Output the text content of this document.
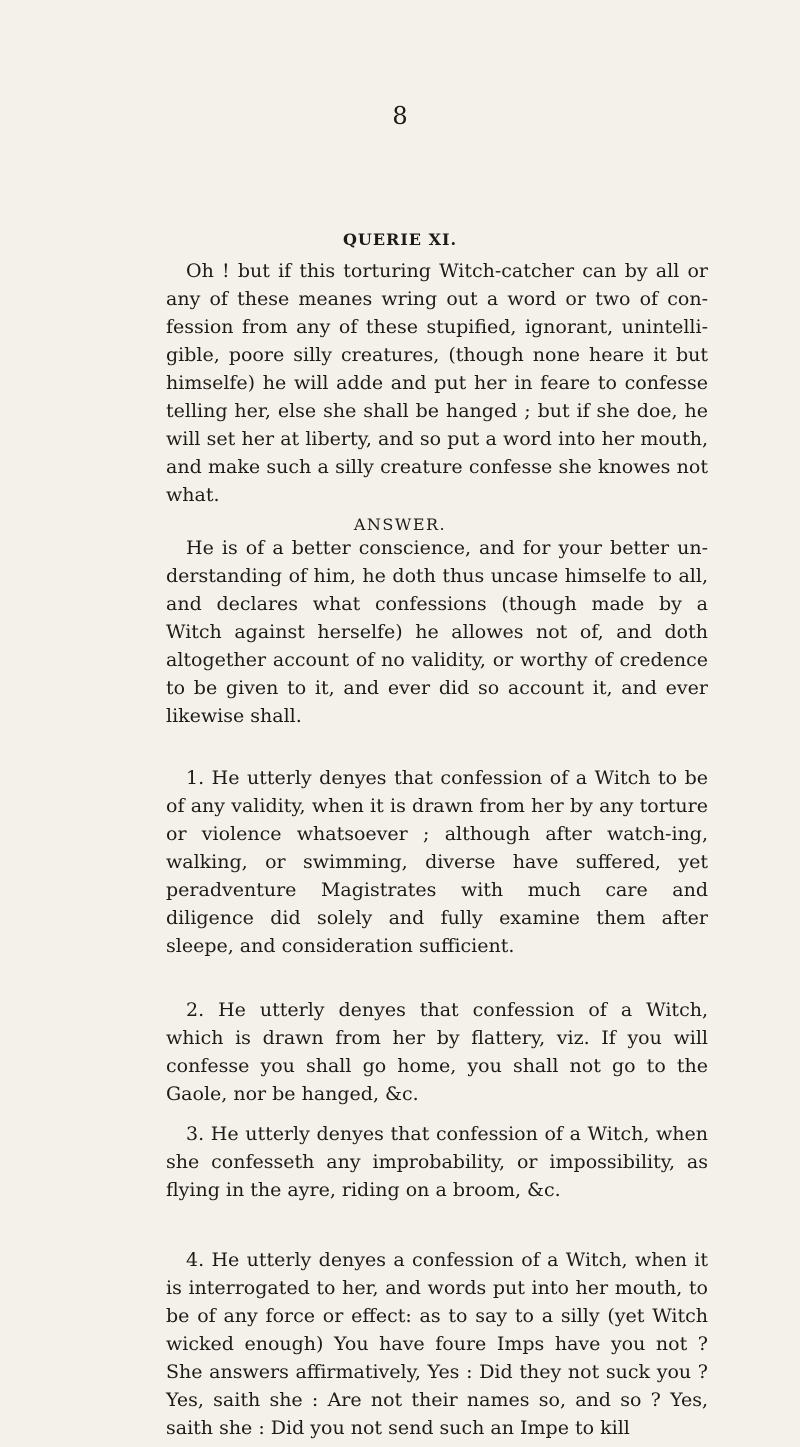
8
QUERIE XI.

Oh ! but if this torturing Witch-catcher can by all or any of these meanes wring out a word or two of con-fession from any of these stupified, ignorant, unintelli-gible, poore silly creatures, (though none heare it but himselfe) he will adde and put her in feare to confesse telling her, else she shall be hanged ; but if she doe, he will set her at liberty, and so put a word into her mouth, and make such a silly creature confesse she knowes not what.

ANSWER.

He is of a better conscience, and for your better un-derstanding of him, he doth thus uncase himselfe to all, and declares what confessions (though made by a Witch against herselfe) he allowes not of, and doth altogether account of no validity, or worthy of credence to be given to it, and ever did so account it, and ever likewise shall.

1. He utterly denyes that confession of a Witch to be of any validity, when it is drawn from her by any torture or violence whatsoever ; although after watch-ing, walking, or swimming, diverse have suffered, yet peradventure Magistrates with much care and diligence did solely and fully examine them after sleepe, and consideration sufficient.

2. He utterly denyes that confession of a Witch, which is drawn from her by flattery, viz. If you will confesse you shall go home, you shall not go to the Gaole, nor be hanged, &c.

3. He utterly denyes that confession of a Witch, when she confesseth any improbability, or impossibility, as flying in the ayre, riding on a broom, &c.

4. He utterly denyes a confession of a Witch, when it is interrogated to her, and words put into her mouth, to be of any force or effect: as to say to a silly (yet Witch wicked enough) You have foure Imps have you not ? She answers affirmatively, Yes : Did they not suck you ? Yes, saith she : Are not their names so, and so ? Yes, saith she : Did you not send such an Impe to kill
